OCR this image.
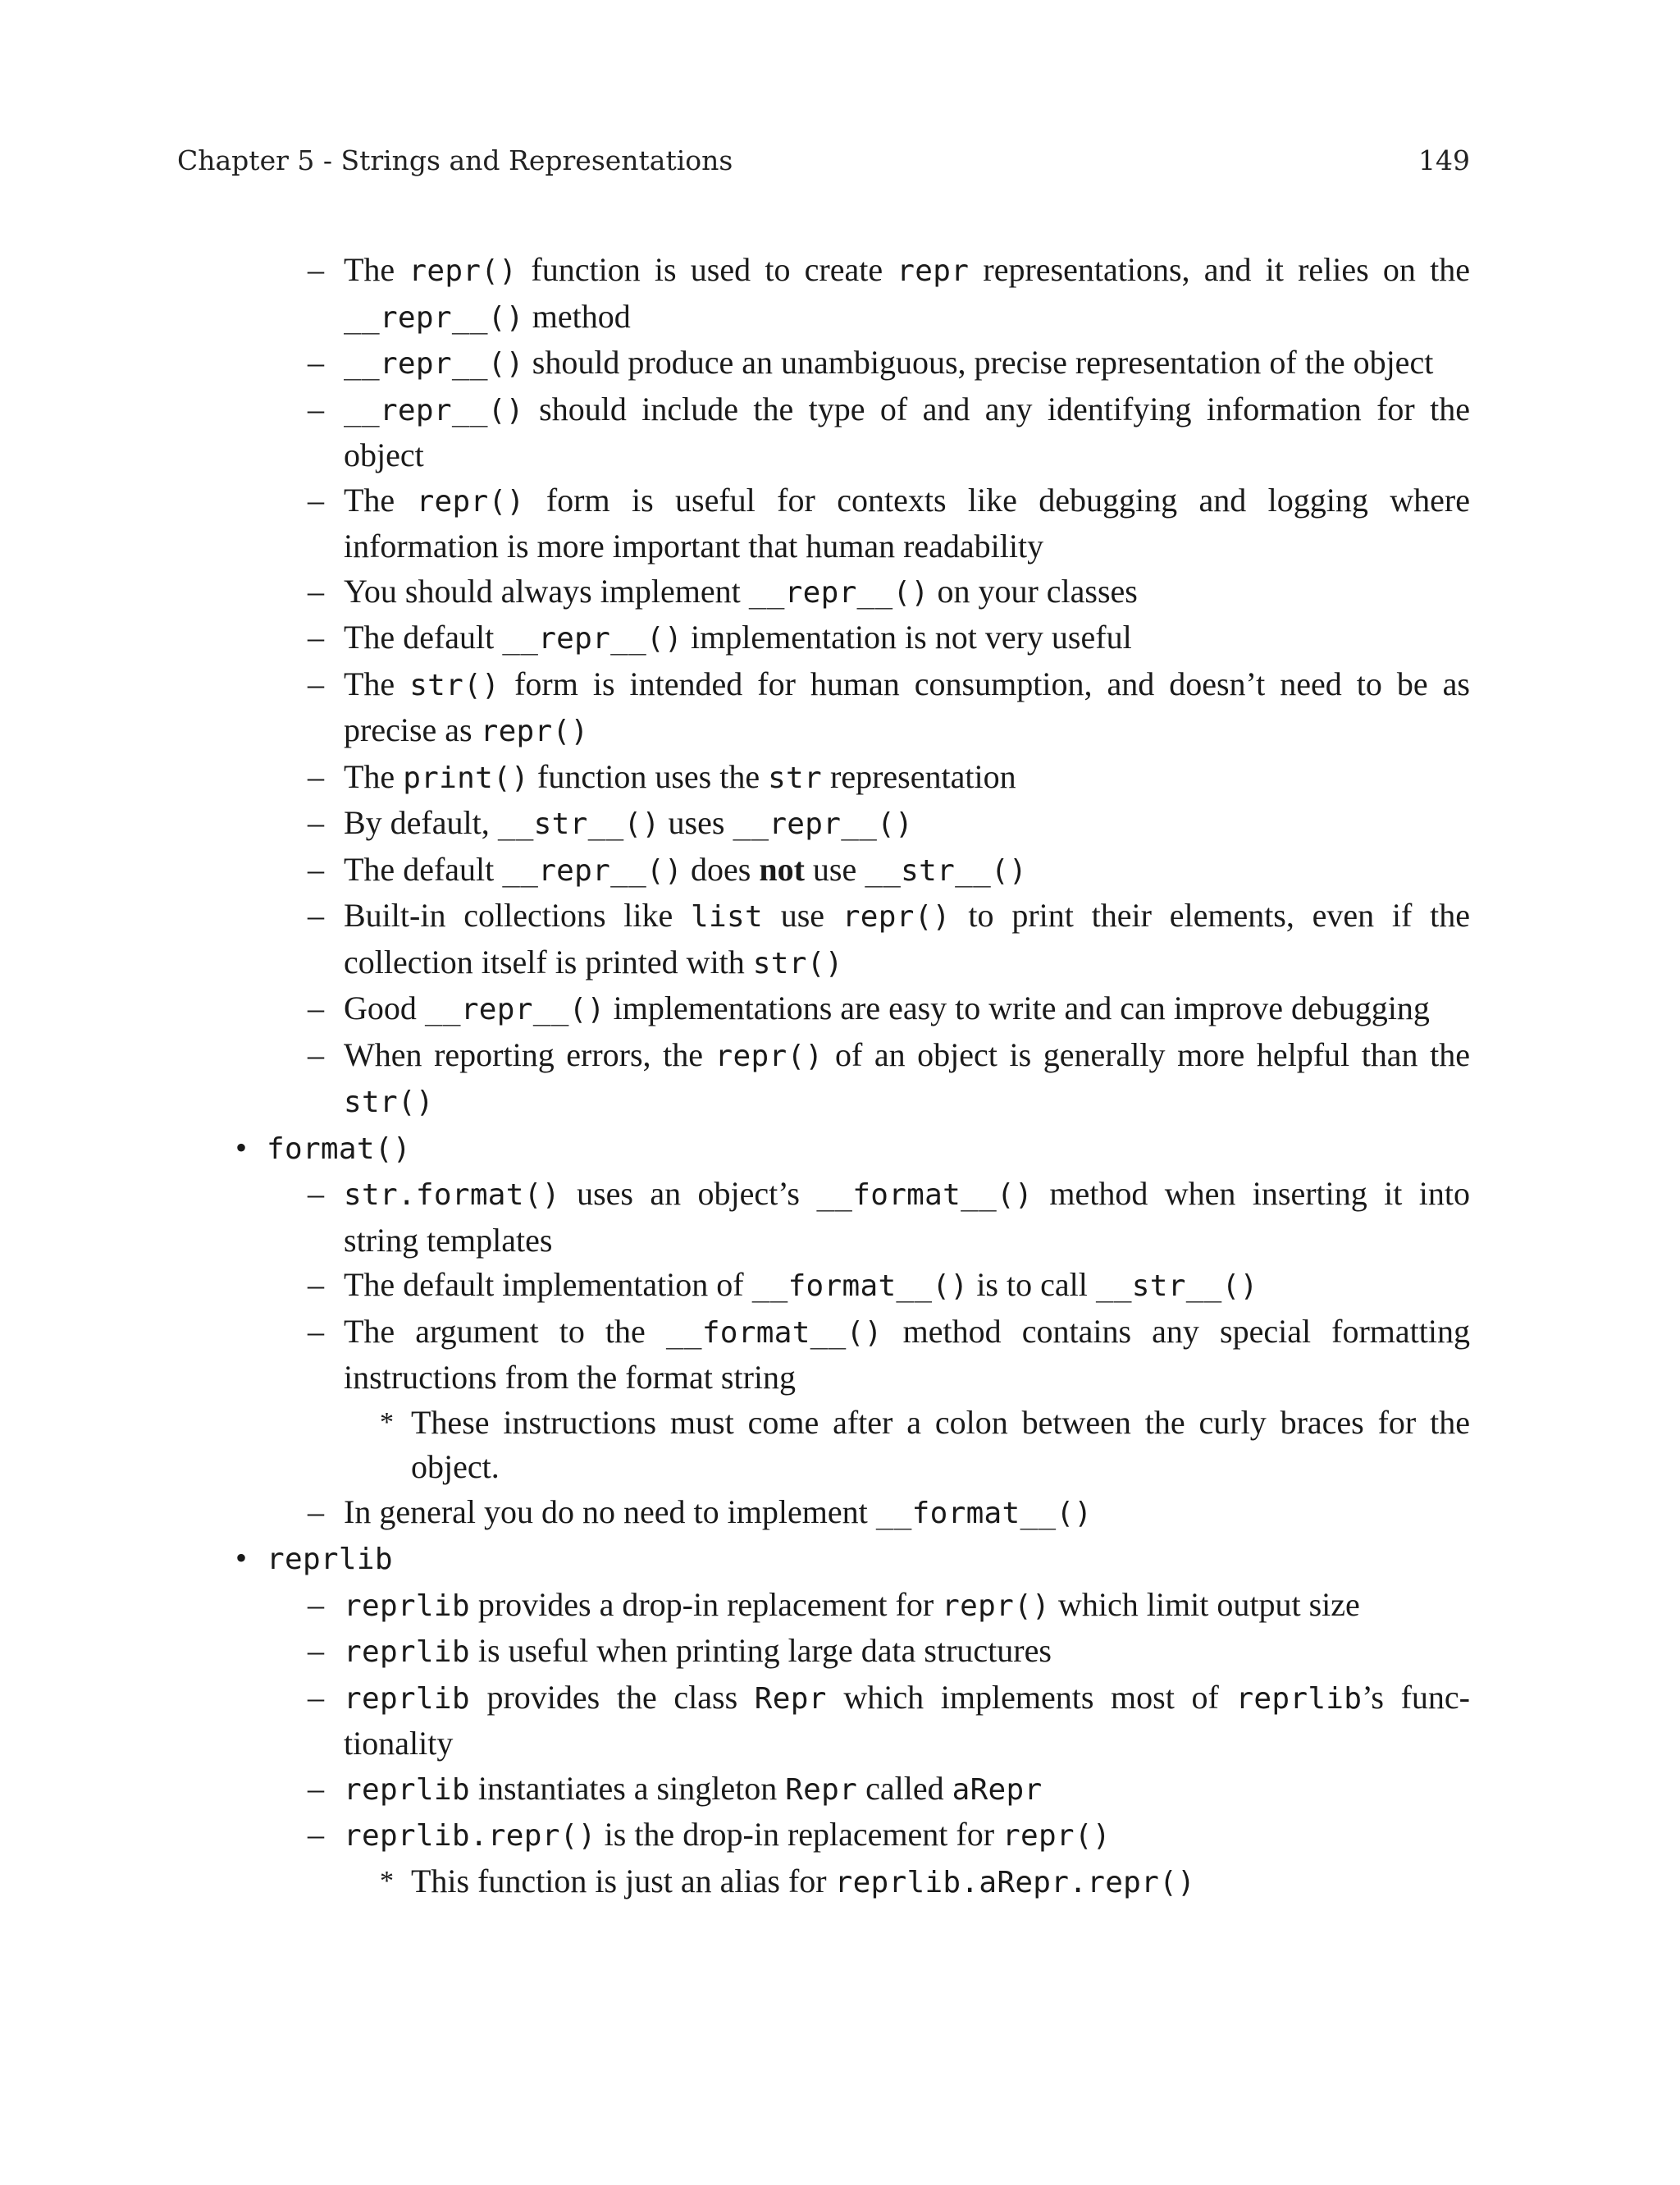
Chapter 5 - Strings and Representations	149
– The repr() function is used to create repr representations, and it relies on the __repr__() method
– __repr__() should produce an unambiguous, precise representation of the object
– __repr__() should include the type of and any identifying information for the object
– The repr() form is useful for contexts like debugging and logging where information is more important that human readability
– You should always implement __repr__() on your classes
– The default __repr__() implementation is not very useful
– The str() form is intended for human consumption, and doesn’t need to be as precise as repr()
– The print() function uses the str representation
– By default, __str__() uses __repr__()
– The default __repr__() does not use __str__()
– Built-in collections like list use repr() to print their elements, even if the collection itself is printed with str()
– Good __repr__() implementations are easy to write and can improve debugging
– When reporting errors, the repr() of an object is generally more helpful than the str()
• format()
– str.format() uses an object’s __format__() method when inserting it into string templates
– The default implementation of __format__() is to call __str__()
– The argument to the __format__() method contains any special formatting instructions from the format string
* These instructions must come after a colon between the curly braces for the object.
– In general you do no need to implement __format__()
• reprlib
– reprlib provides a drop-in replacement for repr() which limit output size
– reprlib is useful when printing large data structures
– reprlib provides the class Repr which implements most of reprlib’s functionality
– reprlib instantiates a singleton Repr called aRepr
– reprlib.repr() is the drop-in replacement for repr()
* This function is just an alias for reprlib.aRepr.repr()
